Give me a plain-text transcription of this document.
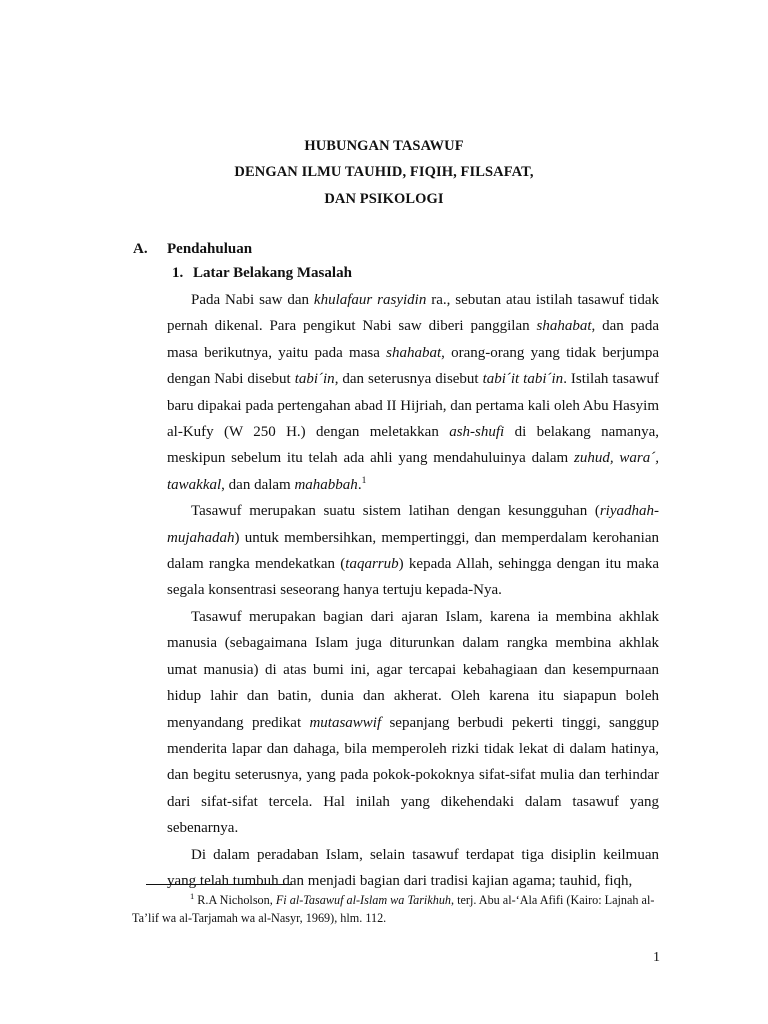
HUBUNGAN TASAWUF
DENGAN ILMU TAUHID, FIQIH, FILSAFAT,
DAN PSIKOLOGI
A. Pendahuluan
1. Latar Belakang Masalah

Pada Nabi saw dan khulafaur rasyidin ra., sebutan atau istilah tasawuf tidak pernah dikenal. Para pengikut Nabi saw diberi panggilan shahabat, dan pada masa berikutnya, yaitu pada masa shahabat, orang-orang yang tidak berjumpa dengan Nabi disebut tabi´in, dan seterusnya disebut tabi´it tabi´in. Istilah tasawuf baru dipakai pada pertengahan abad II Hijriah, dan pertama kali oleh Abu Hasyim al-Kufy (W 250 H.) dengan meletakkan ash-shufi di belakang namanya, meskipun sebelum itu telah ada ahli yang mendahuluinya dalam zuhud, wara´, tawakkal, dan dalam mahabbah.$^1$

Tasawuf merupakan suatu sistem latihan dengan kesungguhan (riyadhah-mujahadah) untuk membersihkan, mempertinggi, dan memperdalam kerohanian dalam rangka mendekatkan (taqarrub) kepada Allah, sehingga dengan itu maka segala konsentrasi seseorang hanya tertuju kepada-Nya.

Tasawuf merupakan bagian dari ajaran Islam, karena ia membina akhlak manusia (sebagaimana Islam juga diturunkan dalam rangka membina akhlak umat manusia) di atas bumi ini, agar tercapai kebahagiaan dan kesempurnaan hidup lahir dan batin, dunia dan akherat. Oleh karena itu siapapun boleh menyandang predikat mutasawwif sepanjang berbudi pekerti tinggi, sanggup menderita lapar dan dahaga, bila memperoleh rizki tidak lekat di dalam hatinya, dan begitu seterusnya, yang pada pokok-pokoknya sifat-sifat mulia dan terhindar dari sifat-sifat tercela. Hal inilah yang dikehendaki dalam tasawuf yang sebenarnya.

Di dalam peradaban Islam, selain tasawuf terdapat tiga disiplin keilmuan yang telah tumbuh dan menjadi bagian dari tradisi kajian agama; tauhid, fiqh,

$^1$ R.A Nicholson, Fi al-Tasawuf al-Islam wa Tarikhuh, terj. Abu al-‘Ala Afifi (Kairo: Lajnah al-Ta’lif wa al-Tarjamah wa al-Nasyr, 1969), hlm. 112.

1
